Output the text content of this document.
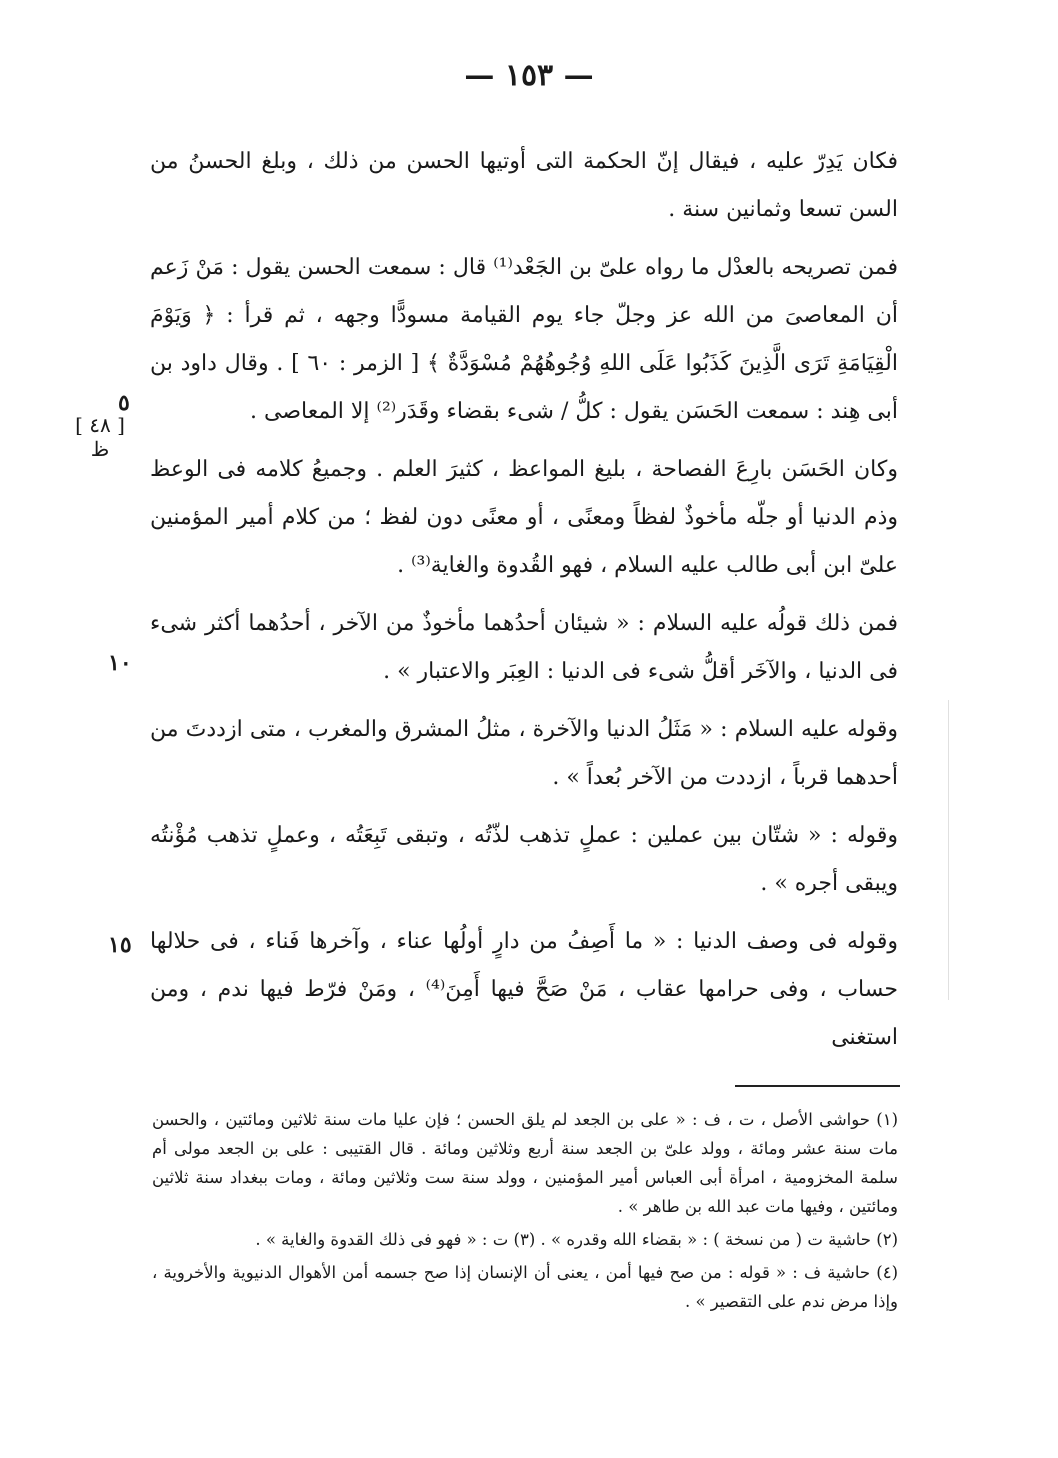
— ١٥٣ —

فكان يَدِرّ عليه ، فيقال إنّ الحكمة التى أوتيها الحسن من ذلك ، وبلغ الحسنُ من السن تسعا وثمانين سنة .

فمن تصريحه بالعدْل ما رواه علىّ بن الجَعْد⁽¹⁾ قال : سمعت الحسن يقول : مَنْ زَعم أن المعاصىَ من الله عز وجلّ جاء يوم القيامة مسودًّا وجهه ، ثم قرأ : ﴿ وَيَوْمَ الْقِيَامَةِ تَرَى الَّذِينَ كَذَبُوا عَلَى اللهِ وُجُوهُهُمْ مُسْوَدَّةٌ ﴾ [ الزمر : ٦٠ ] . وقال داود بن أبى هِند : سمعت الحَسَن يقول : كلُّ / شىء بقضاء وقَدَر⁽²⁾ إلا المعاصى .

وكان الحَسَن بارِعَ الفصاحة ، بليغ المواعظ ، كثيرَ العلم . وجميعُ كلامه فى الوعظ وذم الدنيا أو جلّه مأخوذٌ لفظاً ومعنًى ، أو معنًى دون لفظ ؛ من كلام أمير المؤمنين علىّ ابن أبى طالب عليه السلام ، فهو القُدوة والغاية⁽³⁾ .

فمن ذلك قولُه عليه السلام : « شيئان أحدُهما مأخوذٌ من الآخر ، أحدُهما أكثر شىء فى الدنيا ، والآخَر أقلُّ شىء فى الدنيا : العِبَر والاعتبار » .

وقوله عليه السلام : « مَثَلُ الدنيا والآخرة ، مثلُ المشرق والمغرب ، متى ازددتَ من أحدهما قرباً ، ازددت من الآخر بُعداً » .

وقوله : « شتّان بين عملين : عملٍ تذهب لذّتُه ، وتبقى تَبِعَتُه ، وعملٍ تذهب مُؤْنتُه ويبقى أجره » .

وقوله فى وصف الدنيا : « ما أَصِفُ من دارٍ أولُها عناء ، وآخرها فَناء ، فى حلالها حساب ، وفى حرامها عقاب ، مَنْ صَحَّ فيها أَمِنَ⁽⁴⁾ ، ومَنْ فرّط فيها ندم ، ومن استغنى

٥
[ ٤٨ ]
ظ
١٠
١٥

(١) حواشى الأصل ، ت ، ف : « على بن الجعد لم يلق الحسن ؛ فإن عليا مات سنة ثلاثين ومائتين ، والحسن مات سنة عشر ومائة ، وولد علىّ بن الجعد سنة أربع وثلاثين ومائة . قال القتيبى : على بن الجعد مولى أم سلمة المخزومية ، امرأة أبى العباس أمير المؤمنين ، وولد سنة ست وثلاثين ومائة ، ومات ببغداد سنة ثلاثين ومائتين ، وفيها مات عبد الله بن طاهر » .

(٢) حاشية ت ( من نسخة ) : « بقضاء الله وقدره » . (٣) ت : « فهو فى ذلك القدوة والغاية » .

(٤) حاشية ف : « قوله : من صح فيها أمن ، يعنى أن الإنسان إذا صح جسمه أمن الأهوال الدنيوية والأخروية ، وإذا مرض ندم على التقصير » .
